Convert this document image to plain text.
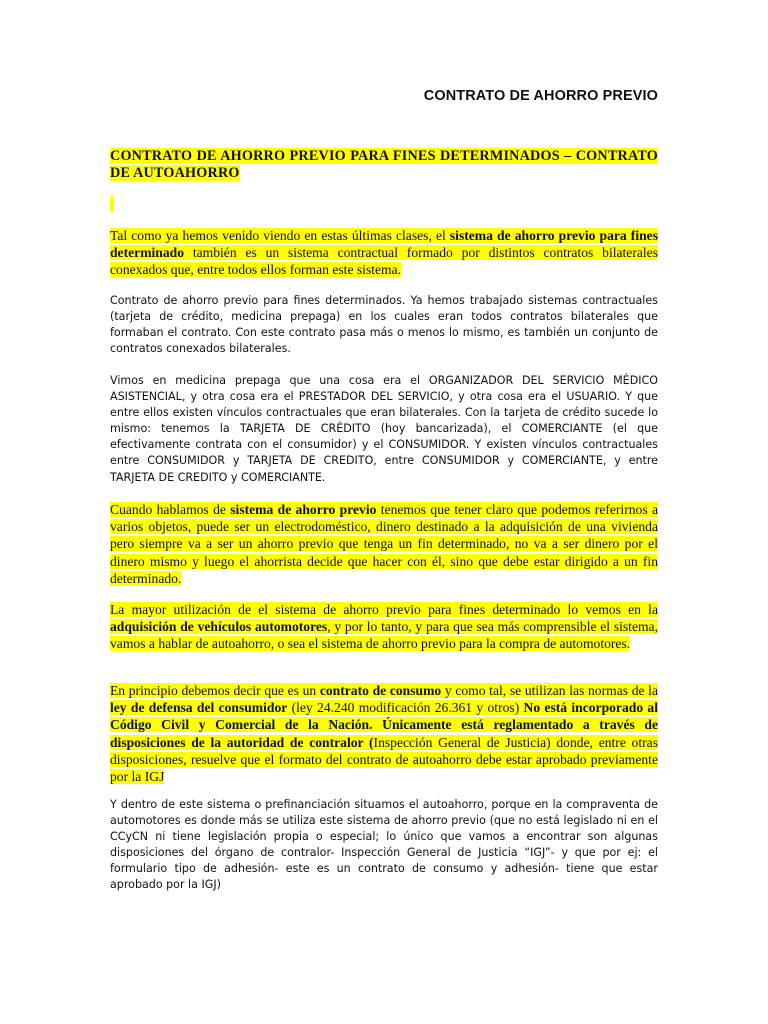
CONTRATO DE AHORRO PREVIO
CONTRATO DE AHORRO PREVIO PARA FINES DETERMINADOS – CONTRATO DE AUTOAHORRO
Tal como ya hemos venido viendo en estas últimas clases, el sistema de ahorro previo para fines determinado también es un sistema contractual formado por distintos contratos bilaterales conexados que, entre todos ellos forman este sistema.
Contrato de ahorro previo para fines determinados. Ya hemos trabajado sistemas contractuales (tarjeta de crédito, medicina prepaga) en los cuales eran todos contratos bilaterales que formaban el contrato. Con este contrato pasa más o menos lo mismo, es también un conjunto de contratos conexados bilaterales.
Vimos en medicina prepaga que una cosa era el ORGANIZADOR DEL SERVICIO MÉDICO ASISTENCIAL, y otra cosa era el PRESTADOR DEL SERVICIO, y otra cosa era el USUARIO. Y que entre ellos existen vínculos contractuales que eran bilaterales. Con la tarjeta de crédito sucede lo mismo: tenemos la TARJETA DE CRÉDITO (hoy bancarizada), el COMERCIANTE (el que efectivamente contrata con el consumidor) y el CONSUMIDOR. Y existen vínculos contractuales entre CONSUMIDOR y TARJETA DE CREDITO, entre CONSUMIDOR y COMERCIANTE, y entre TARJETA DE CREDITO y COMERCIANTE.
Cuando hablamos de sistema de ahorro previo tenemos que tener claro que podemos referirnos a varios objetos, puede ser un electrodoméstico, dinero destinado a la adquisición de una vivienda pero siempre va a ser un ahorro previo que tenga un fin determinado, no va a ser dinero por el dinero mismo y luego el ahorrista decide que hacer con él, sino que debe estar dirigido a un fin determinado.
La mayor utilización de el sistema de ahorro previo para fines determinado lo vemos en la adquisición de vehículos automotores, y por lo tanto, y para que sea más comprensible el sistema, vamos a hablar de autoahorro, o sea el sistema de ahorro previo para la compra de automotores.
En principio debemos decir que es un contrato de consumo y como tal, se utilizan las normas de la ley de defensa del consumidor (ley 24.240 modificación 26.361 y otros) No está incorporado al Código Civil y Comercial de la Nación. Únicamente está reglamentado a través de disposiciones de la autoridad de contralor (Inspección General de Justicia) donde, entre otras disposiciones, resuelve que el formato del contrato de autoahorro debe estar aprobado previamente por la IGJ
Y dentro de este sistema o prefinanciación situamos el autoahorro, porque en la compraventa de automotores es donde más se utiliza este sistema de ahorro previo (que no está legislado ni en el CCyCN ni tiene legislación propia o especial; lo único que vamos a encontrar son algunas disposiciones del órgano de contralor- Inspección General de Justicia “IGJ”- y que por ej: el formulario tipo de adhesión- este es un contrato de consumo y adhesión- tiene que estar aprobado por la IGJ)
